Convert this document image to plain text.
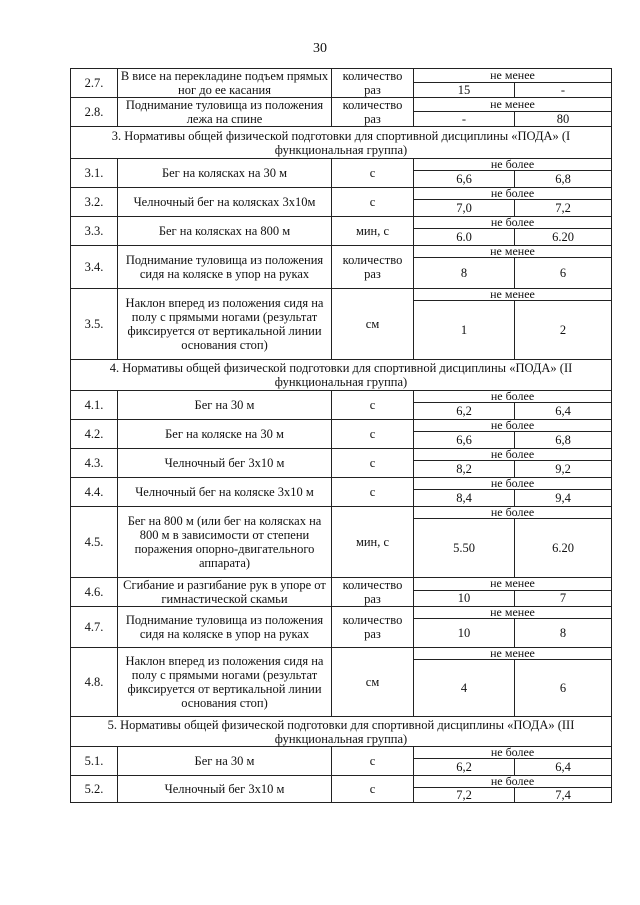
30
2.7.	В висе на перекладине подъем прямых ног до ее касания	количество раз	не менее	
			15	-
2.8.	Поднимание туловища из положения лежа на спине	количество раз	не менее	
			-	80
3. Нормативы общей физической подготовки для спортивной дисциплины «ПОДА» (I функциональная группа)				
3.1.	Бег на колясках на 30 м	с	не более	
			6,6	6,8
3.2.	Челночный бег на колясках 3х10м	с	не более	
			7,0	7,2
3.3.	Бег на колясках на 800 м	мин, с	не более	
			6.0	6.20
3.4.	Поднимание туловища из положения сидя на коляске в упор на руках	количество раз	не менее	
			8	6
3.5.	Наклон вперед из положения сидя на полу с прямыми ногами (результат фиксируется от вертикальной линии основания стоп)	см	не менее	
			1	2
4. Нормативы общей физической подготовки для спортивной дисциплины «ПОДА» (II функциональная группа)				
4.1.	Бег на 30 м	с	не более	
			6,2	6,4
4.2.	Бег на коляске на 30 м	с	не более	
			6,6	6,8
4.3.	Челночный бег 3х10 м	с	не более	
			8,2	9,2
4.4.	Челночный бег на коляске 3х10 м	с	не более	
			8,4	9,4
4.5.	Бег на 800 м (или бег на колясках на 800 м в зависимости от степени поражения опорно-двигательного аппарата)	мин, с	не более	
			5.50	6.20
4.6.	Сгибание и разгибание рук в упоре от гимнастической скамьи	количество раз	не менее	
			10	7
4.7.	Поднимание туловища из положения сидя на коляске в упор на руках	количество раз	не менее	
			10	8
4.8.	Наклон вперед из положения сидя на полу с прямыми ногами (результат фиксируется от вертикальной линии основания стоп)	см	не менее	
			4	6
5. Нормативы общей физической подготовки для спортивной дисциплины «ПОДА» (III функциональная группа)				
5.1.	Бег на 30 м	с	не более	
			6,2	6,4
5.2.	Челночный бег 3х10 м	с	не более	
			7,2	7,4
